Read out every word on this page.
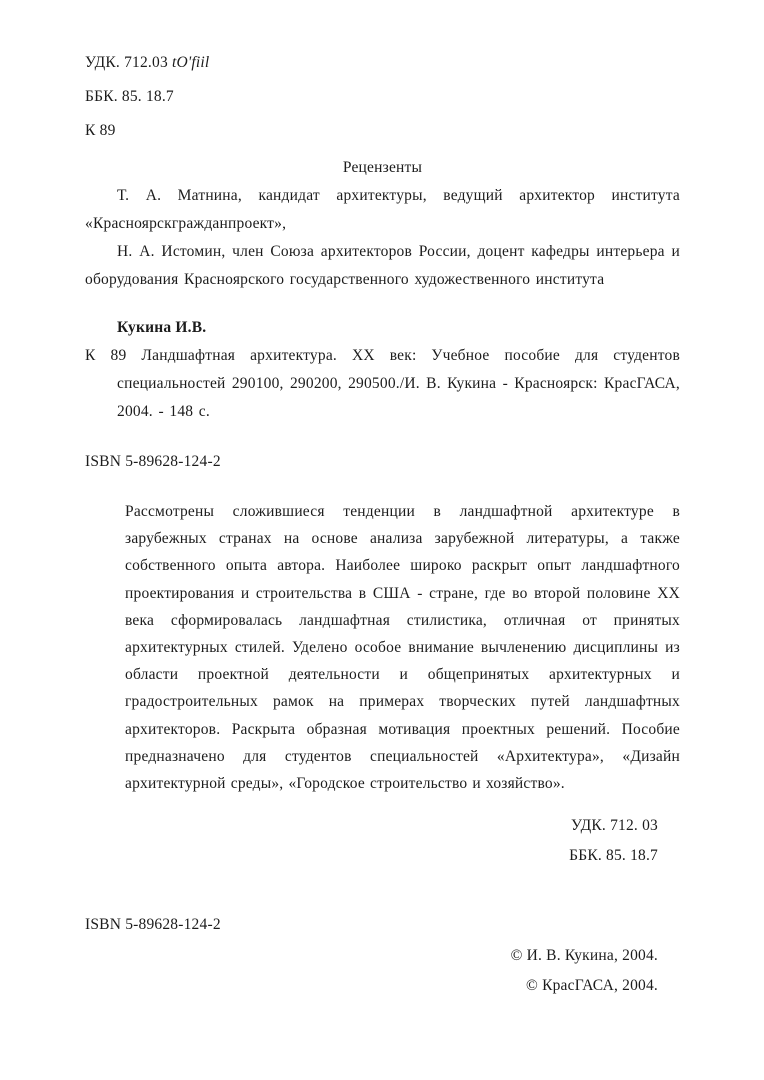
УДК. 712.03 tO'fiil

ББК. 85. 18.7

К 89

Рецензенты

Т. А. Матнина, кандидат архитектуры, ведущий архитектор института «Красноярскгражданпроект»,

Н. А. Истомин, член Союза архитекторов России, доцент кафедры интерьера и оборудования Красноярского государственного художественного института

Кукина И.В.

К 89 Ландшафтная архитектура. XX век: Учебное пособие для студентов специальностей 290100, 290200, 290500./И. В. Кукина - Красноярск: КрасГАСА, 2004. - 148 с.

ISBN 5-89628-124-2

Рассмотрены сложившиеся тенденции в ландшафтной архитектуре в зарубежных странах на основе анализа зарубежной литературы, а также собственного опыта автора. Наиболее широко раскрыт опыт ландшафтного проектирования и строительства в США - стране, где во второй половине XX века сформировалась ландшафтная стилистика, отличная от принятых архитектурных стилей. Уделено особое внимание вычленению дисциплины из области проектной деятельности и общепринятых архитектурных и градостроительных рамок на примерах творческих путей ландшафтных архитекторов. Раскрыта образная мотивация проектных решений. Пособие предназначено для студентов специальностей «Архитектура», «Дизайн архитектурной среды», «Городское строительство и хозяйство».

УДК. 712. 03

ББК. 85. 18.7

ISBN 5-89628-124-2

© И. В. Кукина, 2004.

© КрасГАСА, 2004.
